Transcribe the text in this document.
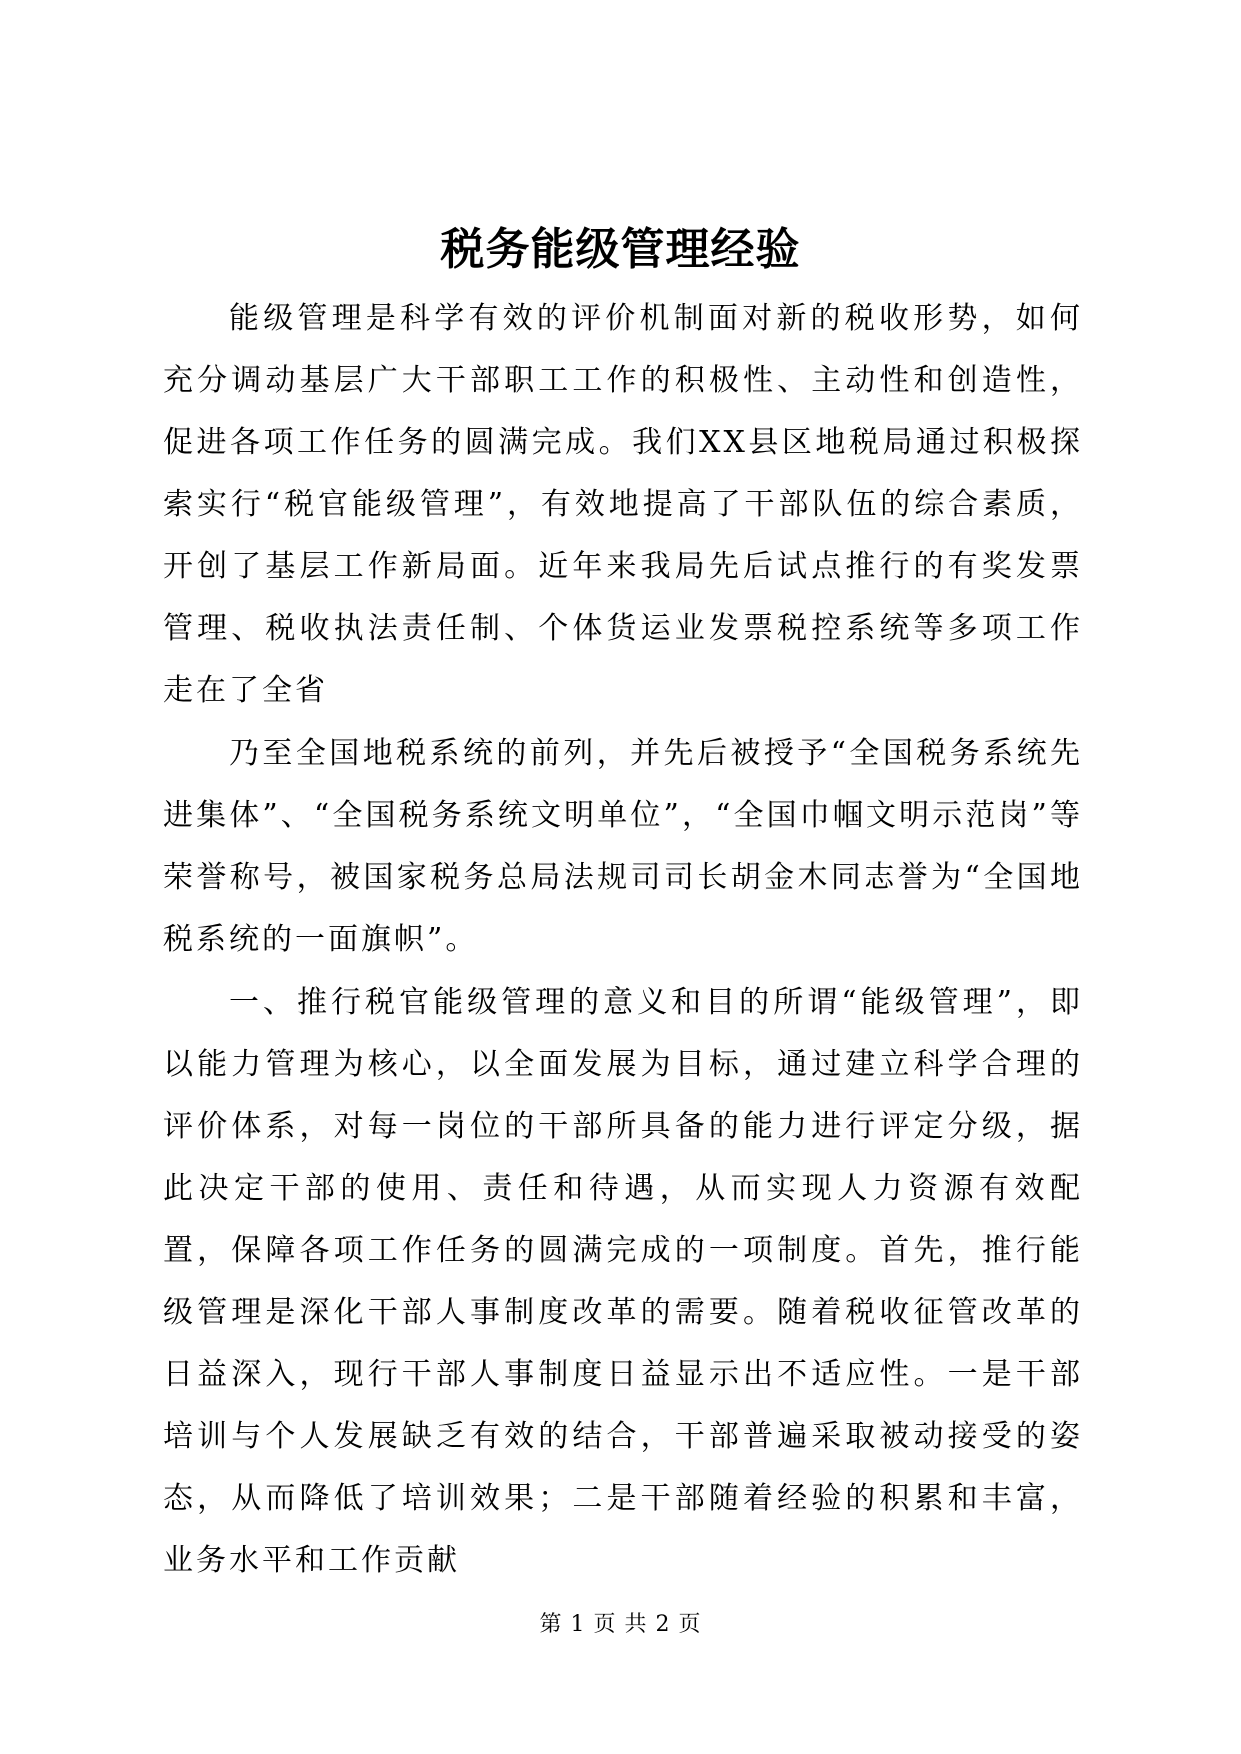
税务能级管理经验

能级管理是科学有效的评价机制面对新的税收形势，如何充分调动基层广大干部职工工作的积极性、主动性和创造性，促进各项工作任务的圆满完成。我们XX县区地税局通过积极探索实行“税官能级管理”，有效地提高了干部队伍的综合素质，开创了基层工作新局面。近年来我局先后试点推行的有奖发票管理、税收执法责任制、个体货运业发票税控系统等多项工作走在了全省

乃至全国地税系统的前列，并先后被授予“全国税务系统先进集体”、“全国税务系统文明单位”，“全国巾帼文明示范岗”等荣誉称号，被国家税务总局法规司司长胡金木同志誉为“全国地税系统的一面旗帜”。

一、推行税官能级管理的意义和目的所谓“能级管理”，即以能力管理为核心，以全面发展为目标，通过建立科学合理的评价体系，对每一岗位的干部所具备的能力进行评定分级，据此决定干部的使用、责任和待遇，从而实现人力资源有效配置，保障各项工作任务的圆满完成的一项制度。首先，推行能级管理是深化干部人事制度改革的需要。随着税收征管改革的日益深入，现行干部人事制度日益显示出不适应性。一是干部培训与个人发展缺乏有效的结合，干部普遍采取被动接受的姿态，从而降低了培训效果；二是干部随着经验的积累和丰富，业务水平和工作贡献

第 1 页 共 2 页
